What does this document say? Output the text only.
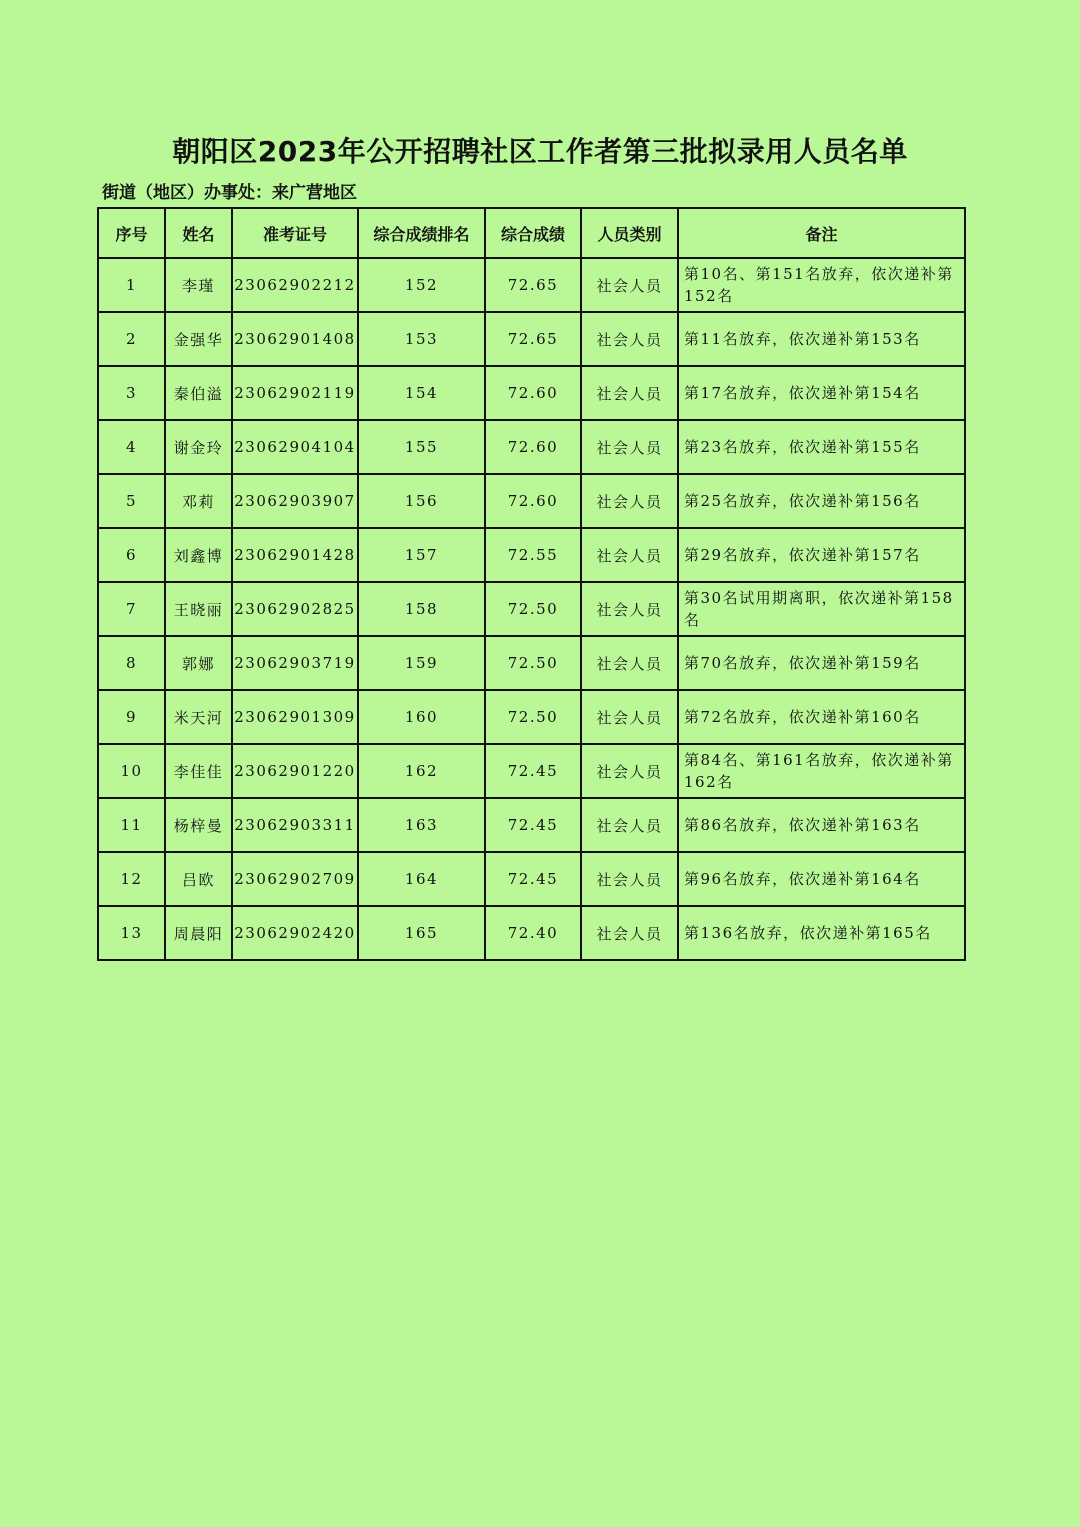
朝阳区2023年公开招聘社区工作者第三批拟录用人员名单
街道（地区）办事处：来广营地区
序号	姓名	准考证号	综合成绩排名	综合成绩	人员类别	备注
1	李瑾	23062902212	152	72.65	社会人员	第10名、第151名放弃，依次递补第152名
2	金强华	23062901408	153	72.65	社会人员	第11名放弃，依次递补第153名
3	秦伯溢	23062902119	154	72.60	社会人员	第17名放弃，依次递补第154名
4	谢金玲	23062904104	155	72.60	社会人员	第23名放弃，依次递补第155名
5	邓莉	23062903907	156	72.60	社会人员	第25名放弃，依次递补第156名
6	刘鑫博	23062901428	157	72.55	社会人员	第29名放弃，依次递补第157名
7	王晓丽	23062902825	158	72.50	社会人员	第30名试用期离职，依次递补第158名
8	郭娜	23062903719	159	72.50	社会人员	第70名放弃，依次递补第159名
9	米天河	23062901309	160	72.50	社会人员	第72名放弃，依次递补第160名
10	李佳佳	23062901220	162	72.45	社会人员	第84名、第161名放弃，依次递补第162名
11	杨梓曼	23062903311	163	72.45	社会人员	第86名放弃，依次递补第163名
12	吕欧	23062902709	164	72.45	社会人员	第96名放弃，依次递补第164名
13	周晨阳	23062902420	165	72.40	社会人员	第136名放弃，依次递补第165名
